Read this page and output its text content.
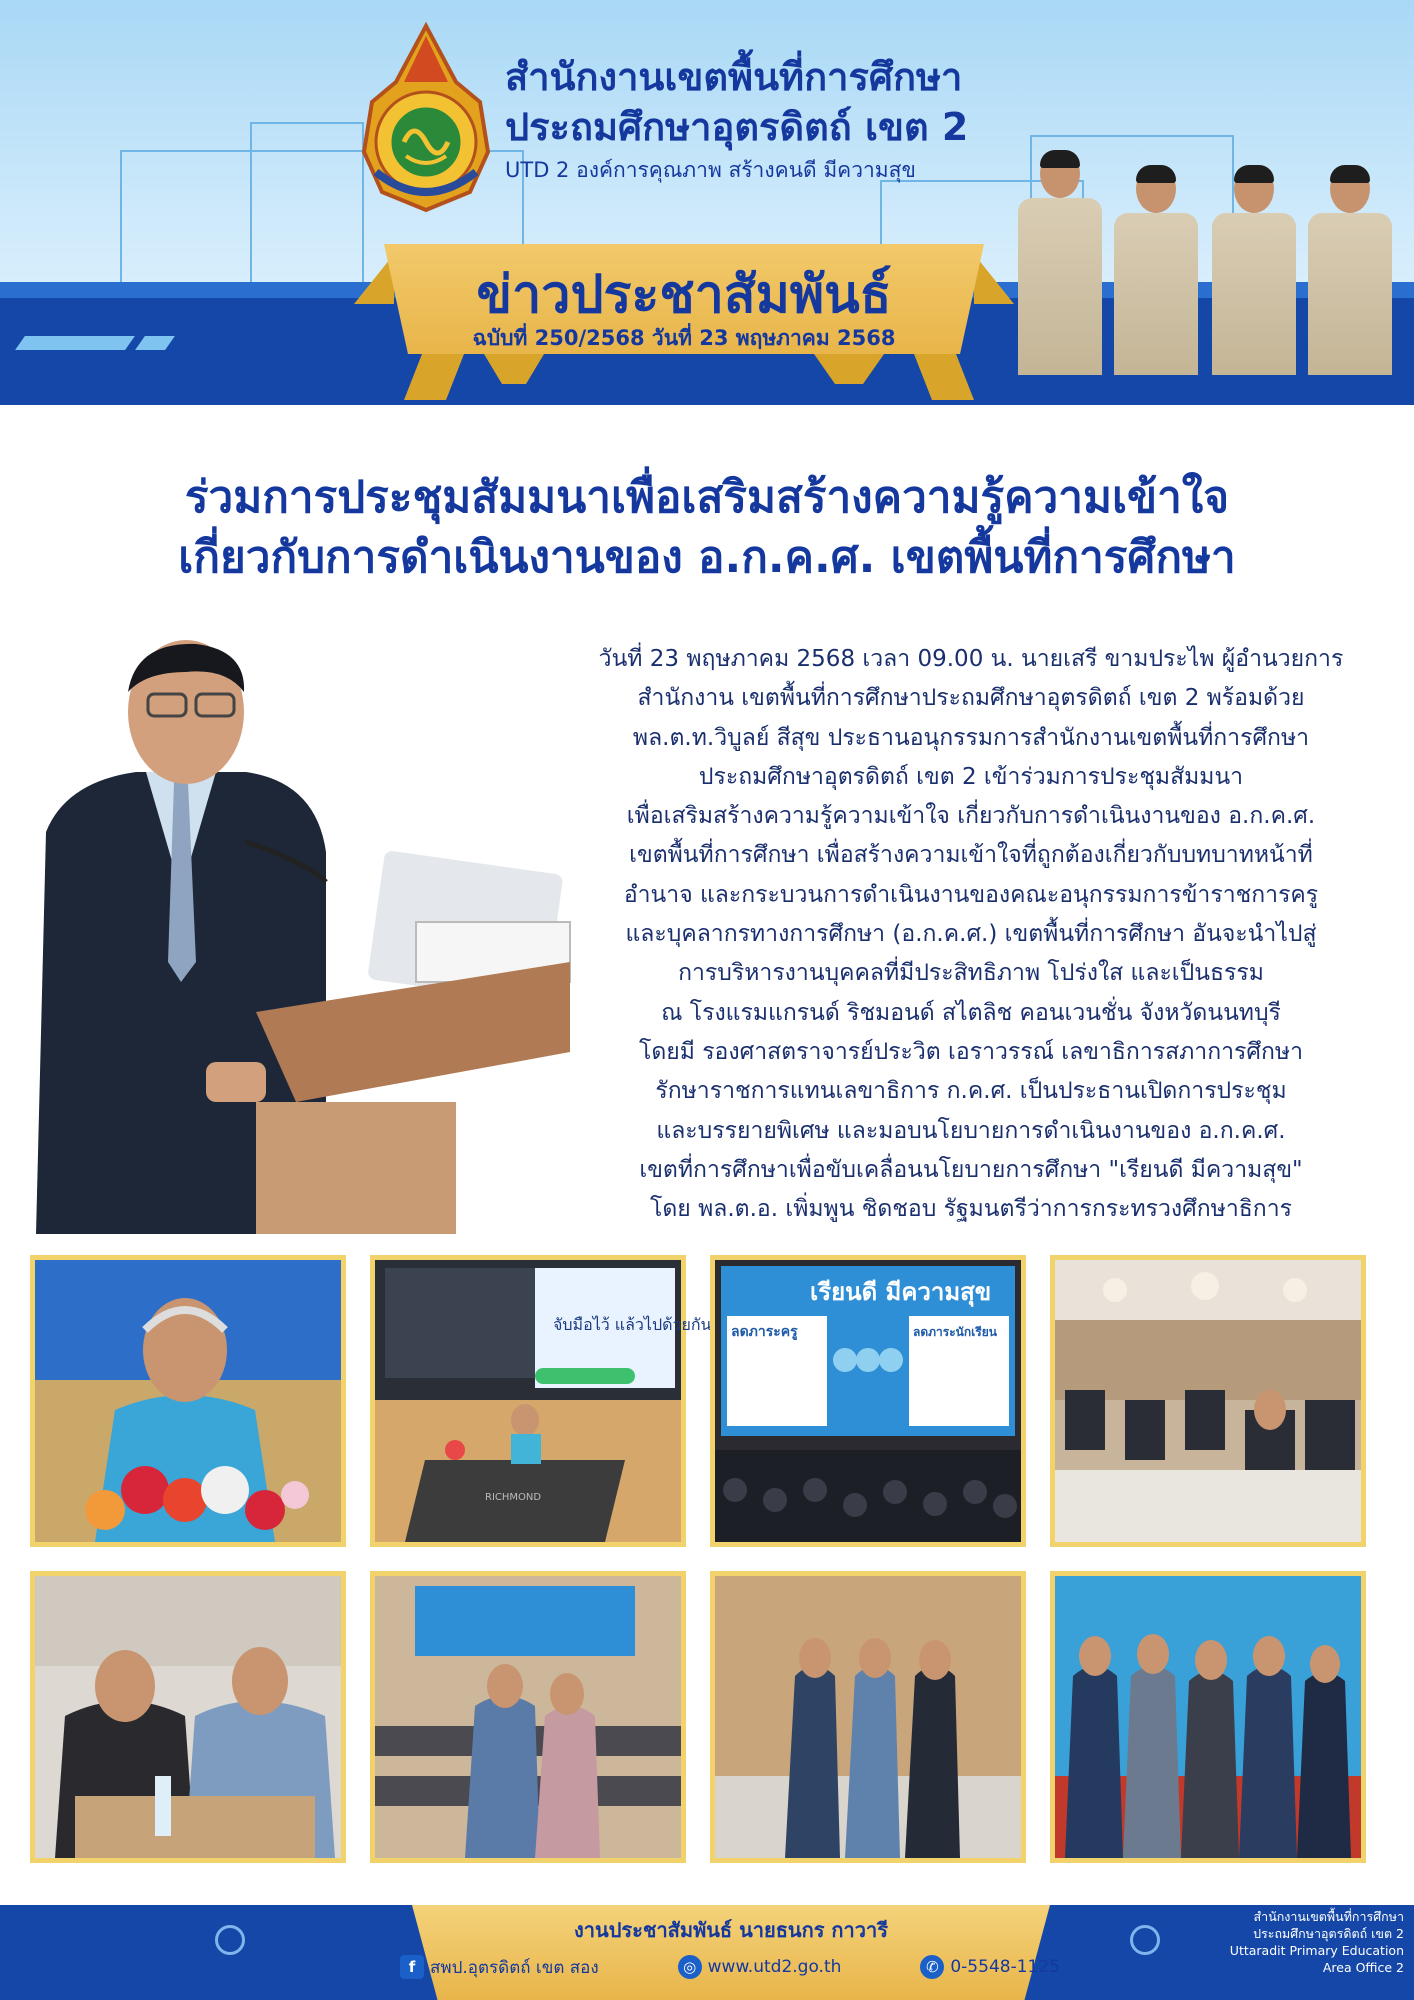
สำนักงานเขตพื้นที่การศึกษา
ประถมศึกษาอุตรดิตถ์ เขต 2
UTD 2 องค์การคุณภาพ สร้างคนดี มีความสุข
ข่าวประชาสัมพันธ์
ฉบับที่ 250/2568 วันที่ 23 พฤษภาคม 2568
ร่วมการประชุมสัมมนาเพื่อเสริมสร้างความรู้ความเข้าใจ
เกี่ยวกับการดำเนินงานของ อ.ก.ค.ศ. เขตพื้นที่การศึกษา
วันที่ 23 พฤษภาคม 2568 เวลา 09.00 น. นายเสรี ขามประไพ ผู้อำนวยการ
สำนักงาน เขตพื้นที่การศึกษาประถมศึกษาอุตรดิตถ์ เขต 2 พร้อมด้วย
พล.ต.ท.วิบูลย์ สีสุข ประธานอนุกรรมการสำนักงานเขตพื้นที่การศึกษา
ประถมศึกษาอุตรดิตถ์ เขต 2 เข้าร่วมการประชุมสัมมนา
เพื่อเสริมสร้างความรู้ความเข้าใจ เกี่ยวกับการดำเนินงานของ อ.ก.ค.ศ.
เขตพื้นที่การศึกษา เพื่อสร้างความเข้าใจที่ถูกต้องเกี่ยวกับบทบาทหน้าที่
อำนาจ และกระบวนการดำเนินงานของคณะอนุกรรมการข้าราชการครู
และบุคลากรทางการศึกษา (อ.ก.ค.ศ.) เขตพื้นที่การศึกษา อันจะนำไปสู่
การบริหารงานบุคคลที่มีประสิทธิภาพ โปร่งใส และเป็นธรรม
ณ โรงแรมแกรนด์ ริชมอนด์ สไตลิช คอนเวนชั่น จังหวัดนนทบุรี
โดยมี รองศาสตราจารย์ประวิต เอราวรรณ์ เลขาธิการสภาการศึกษา
รักษาราชการแทนเลขาธิการ ก.ค.ศ. เป็นประธานเปิดการประชุม
และบรรยายพิเศษ และมอบนโยบายการดำเนินงานของ อ.ก.ค.ศ.
เขตที่การศึกษาเพื่อขับเคลื่อนนโยบายการศึกษา "เรียนดี มีความสุข"
โดย พล.ต.อ. เพิ่มพูน ชิดชอบ รัฐมนตรีว่าการกระทรวงศึกษาธิการ
จับมือไว้ แล้วไปด้วยกัน
RICHMOND
เรียนดี มีความสุข
ลดภาระครู	ลดภาระนักเรียน
งานประชาสัมพันธ์ นายธนกร กาวารี
f สพป.อุตรดิตถ์ เขต สอง	◎ www.utd2.go.th	✆ 0-5548-1125
สำนักงานเขตพื้นที่การศึกษา
ประถมศึกษาอุตรดิตถ์ เขต 2
Uttaradit Primary Education
Area Office 2
